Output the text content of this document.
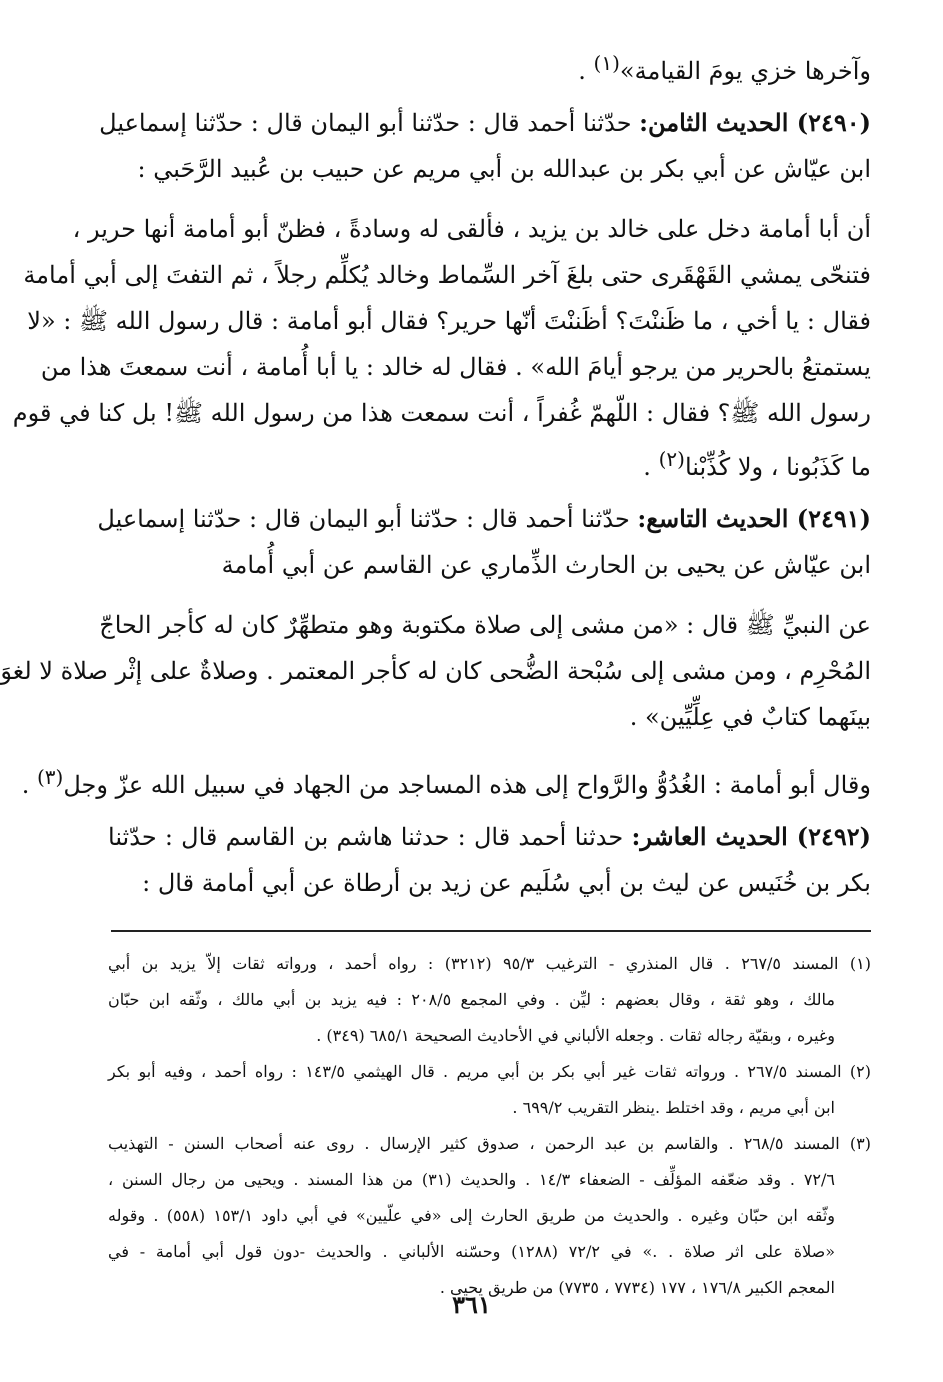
وآخرها خزي يومَ القيامة»$^{(١)}$ .
(٢٤٩٠) الحديث الثامن: حدّثنا أحمد قال : حدّثنا أبو اليمان قال : حدّثنا إسماعيل
ابن عيّاش عن أبي بكر بن عبدالله بن أبي مريم عن حبيب بن عُبيد الرَّحَبي :
أن أبا أمامة دخل على خالد بن يزيد ، فألقى له وسادةً ، فظنّ أبو أمامة أنها حرير ،
فتنحّى يمشي القَهْقَرى حتى بلغَ آخر السِّماط وخالد يُكلِّم رجلاً ، ثم التفتَ إلى أبي أمامة
فقال : يا أخي ، ما ظَننْتَ؟ أظَننْتَ أنّها حرير؟ فقال أبو أمامة : قال رسول الله ﷺ : «لا
يستمتعُ بالحرير من يرجو أيامَ الله» . فقال له خالد : يا أبا أُمامة ، أنت سمعتَ هذا من
رسول الله ﷺ؟ فقال : اللّهمّ غُفراً ، أنت سمعت هذا من رسول الله ﷺ! بل كنا في قوم
ما كَذَبُونا ، ولا كُذِّبْنا$^{(٢)}$ .
(٢٤٩١) الحديث التاسع: حدّثنا أحمد قال : حدّثنا أبو اليمان قال : حدّثنا إسماعيل
ابن عيّاش عن يحيى بن الحارث الذِّماري عن القاسم عن أبي أُمامة
عن النبيِّ ﷺ قال : «من مشى إلى صلاة مكتوبة وهو متطهِّرٌ كان له كأجر الحاجّ
المُحْرِم ، ومن مشى إلى سُبْحة الضُّحى كان له كأجر المعتمر . وصلاةٌ على إثْر صلاة لا لغوَ
بينَهما كتابٌ في عِلِّيِّين» .
وقال أبو أمامة : الغُدُوُّ والرَّواح إلى هذه المساجد من الجهاد في سبيل الله عزّ وجل$^{(٣)}$ .
(٢٤٩٢) الحديث العاشر: حدثنا أحمد قال : حدثنا هاشم بن القاسم قال : حدّثنا
بكر بن خُنَيس عن ليث بن أبي سُلَيم عن زيد بن أرطاة عن أبي أمامة قال :
(١) المسند ٢٦٧/٥ . قال المنذري - الترغيب ٩٥/٣ (٣٢١٢) : رواه أحمد ، ورواته ثقات إلاّ يزيد بن أبي
مالك ، وهو ثقة ، وقال بعضهم : ليِّن . وفي المجمع ٢٠٨/٥ : فيه يزيد بن أبي مالك ، وثّقه ابن حبّان
وغيره ، وبقيّة رجاله ثقات . وجعله الألباني في الأحاديث الصحيحة ٦٨٥/١ (٣٤٩) .
(٢) المسند ٢٦٧/٥ . ورواته ثقات غير أبي بكر بن أبي مريم . قال الهيثمي ١٤٣/٥ : رواه أحمد ، وفيه أبو بكر
ابن أبي مريم ، وقد اختلط .ينظر التقريب ٦٩٩/٢ .
(٣) المسند ٢٦٨/٥ . والقاسم بن عبد الرحمن ، صدوق كثير الإرسال . روى عنه أصحاب السنن - التهذيب
٧٢/٦ . وقد ضعّفه المؤلِّف - الضعفاء ١٤/٣ . والحديث (٣١) من هذا المسند . ويحيى من رجال السنن ،
وثّقه ابن حبّان وغيره . والحديث من طريق الحارث إلى «في علّيين» في أبي داود ١٥٣/١ (٥٥٨) . وقوله
«صلاة على اثر صلاة . .» في ٧٢/٢ (١٢٨٨) وحسّنه الألباني . والحديث -دون قول أبي أمامة - في
المعجم الكبير ١٧٦/٨ ، ١٧٧ (٧٧٣٤ ، ٧٧٣٥) من طريق يحيى .
٣٦١
